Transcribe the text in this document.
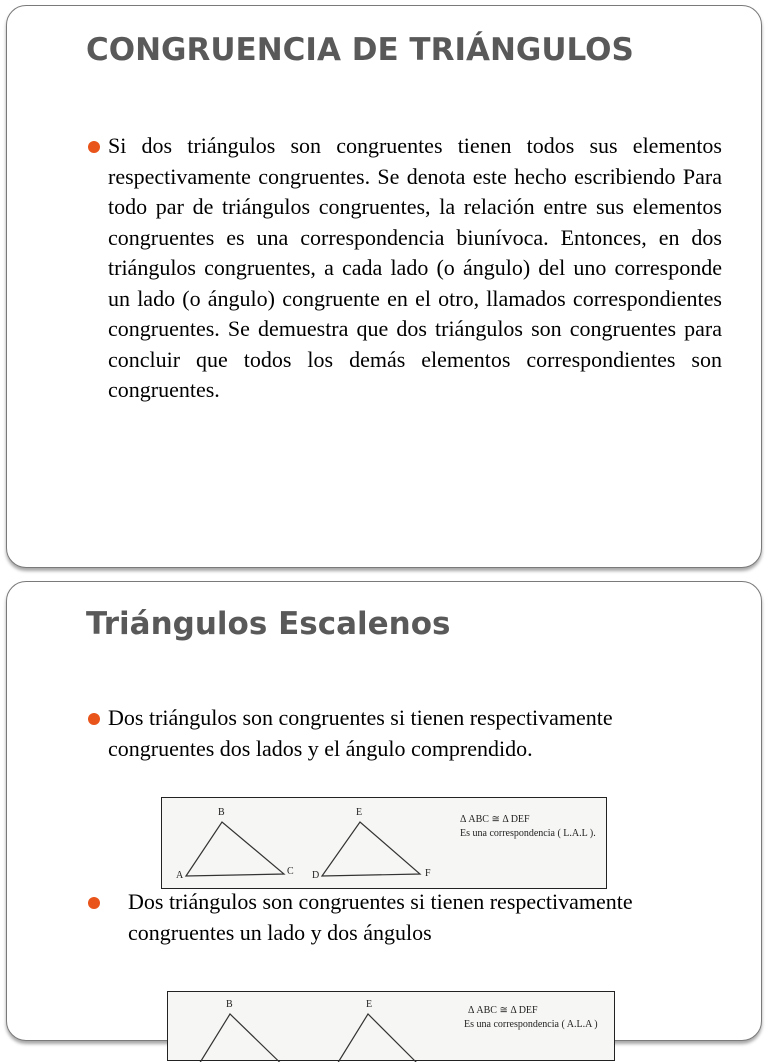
CONGRUENCIA DE TRIÁNGULOS
Si dos triángulos son congruentes tienen todos sus elementos respectivamente congruentes. Se denota este hecho escribiendo Para todo par de triángulos congruentes, la relación entre sus elementos congruentes es una correspondencia biunívoca. Entonces, en dos triángulos congruentes, a cada lado (o ángulo) del uno corresponde un lado (o ángulo) congruente en el otro, llamados correspondientes congruentes. Se demuestra que dos triángulos son congruentes para concluir que todos los demás elementos correspondientes son congruentes.
Triángulos Escalenos
Dos triángulos son congruentes si tienen respectivamente
congruentes dos lados y el ángulo comprendido.
B
A	C
E
D	F
Δ ABC ≅ Δ DEF
Es una correspondencia ( L.A.L ).
Dos triángulos son congruentes si tienen respectivamente
congruentes un lado y dos ángulos
B	E
Δ ABC ≅ Δ DEF
Es una correspondencia ( A.L.A )
